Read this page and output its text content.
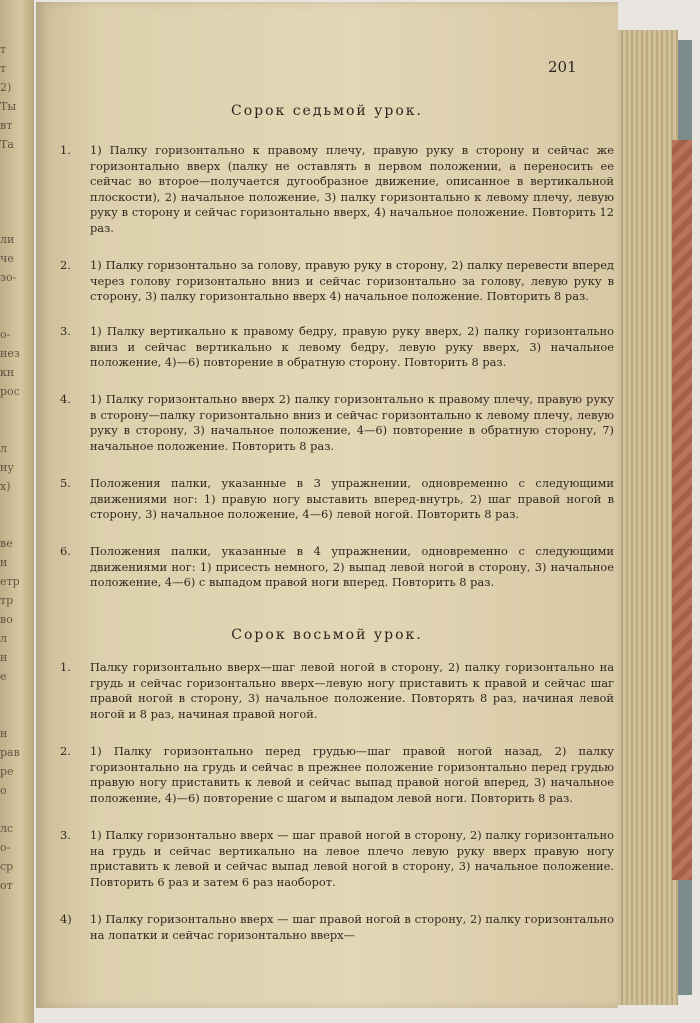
т
т
2)
Ты
вт
Та

ли
че
зо-

о-
нез
кн
рос

л
ну
х)

ве
н
етр
тр
во
л
н
е

н
рав
ре
о

лс
о-
ср
от
201
Сорок седьмой урок.
1. 1) Палку горизонтально к правому плечу, правую руку в сторону и сейчас же горизонтально вверх (палку не оставлять в первом положении, а переносить ее сейчас во второе—получается дугообразное движение, описанное в вертикальной плоскости), 2) начальное положение, 3) палку горизонтально к левому плечу, левую руку в сторону и сейчас горизонтально вверх, 4) начальное положение. Повторить 12 раз.
2. 1) Палку горизонтально за голову, правую руку в сторону, 2) палку перевести вперед через голову горизонтально вниз и сейчас горизонтально за голову, левую руку в сторону, 3) палку горизонтально вверх 4) начальное положение. Повторить 8 раз.
3. 1) Палку вертикально к правому бедру, правую руку вверх, 2) палку горизонтально вниз и сейчас вертикально к левому бедру, левую руку вверх, 3) начальное положение, 4)—6) повторение в обратную сторону. Повторить 8 раз.
4. 1) Палку горизонтально вверх 2) палку горизонтально к правому плечу, правую руку в сторону—палку горизонтально вниз и сейчас горизонтально к левому плечу, левую руку в сторону, 3) начальное положение, 4—6) повторение в обратную сторону, 7) начальное положение. Повторить 8 раз.
5. Положения палки, указанные в 3 упражнении, одновременно с следующими движениями ног: 1) правую ногу выставить вперед-внутрь, 2) шаг правой ногой в сторону, 3) начальное положение, 4—6) левой ногой. Повторить 8 раз.
6. Положения палки, указанные в 4 упражнении, одновременно с следующими движениями ног: 1) присесть немного, 2) выпад левой ногой в сторону, 3) начальное положение, 4—6) с выпадом правой ноги вперед. Повторить 8 раз.
Сорок восьмой урок.
1. Палку горизонтально вверх—шаг левой ногой в сторону, 2) палку горизонтально на грудь и сейчас горизонтально вверх—левую ногу приставить к правой и сейчас шаг правой ногой в сторону, 3) начальное положение. Повторять 8 раз, начиная левой ногой и 8 раз, начиная правой ногой.
2. 1) Палку горизонтально перед грудью—шаг правой ногой назад, 2) палку горизонтально на грудь и сейчас в прежнее положение горизонтально перед грудью правую ногу приставить к левой и сейчас выпад правой ногой вперед, 3) начальное положение, 4)—6) повторение с шагом и выпадом левой ноги. Повторить 8 раз.
3. 1) Палку горизонтально вверх — шаг правой ногой в сторону, 2) палку горизонтально на грудь и сейчас вертикально на левое плечо левую руку вверх правую ногу приставить к левой и сейчас выпад левой ногой в сторону, 3) начальное положение. Повторить 6 раз и затем 6 раз наоборот.
4) 1) Палку горизонтально вверх — шаг правой ногой в сторону, 2) палку горизонтально на лопатки и сейчас горизонтально вверх—
